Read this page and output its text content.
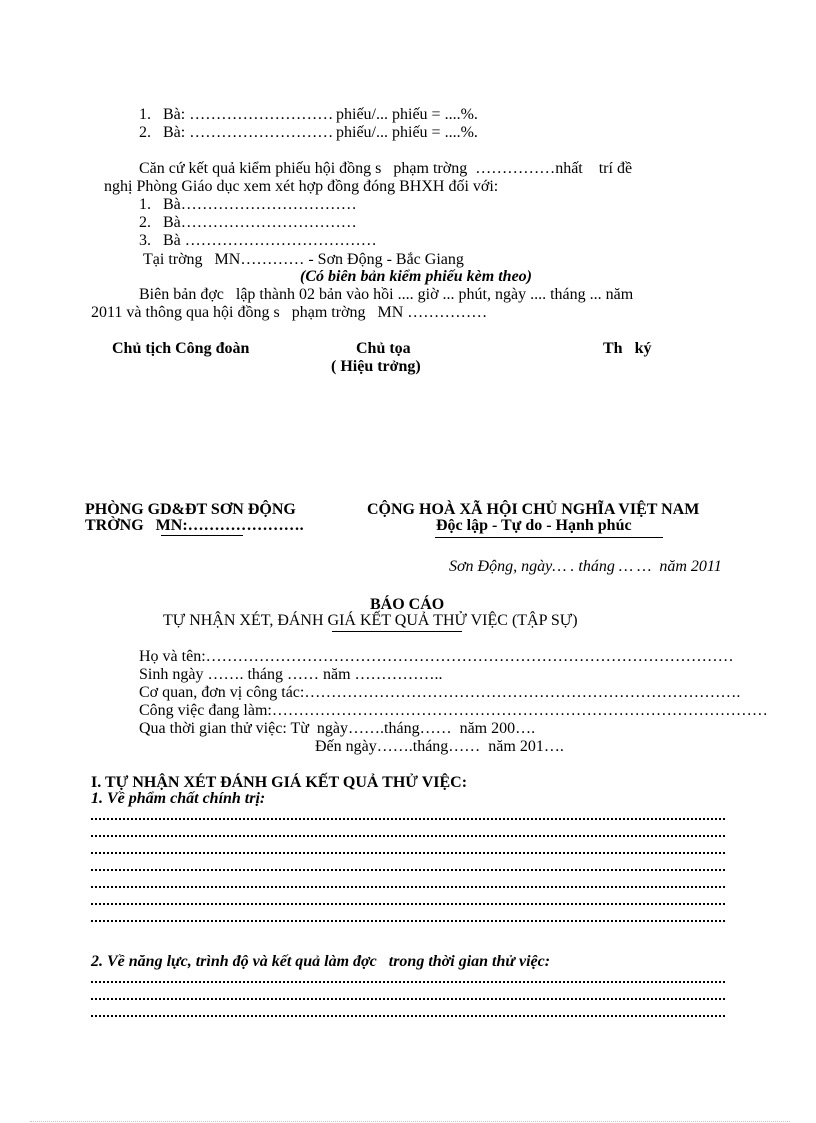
1. Bà: ……………………… phiếu/... phiếu = ....%.
2. Bà: ……………………… phiếu/... phiếu = ....%.
Căn cứ kết quả kiểm phiếu hội đồng s   phạm trờng  ……………nhất    trí đề
nghị Phòng Giáo dục xem xét hợp đồng đóng BHXH đối với:
1. Bà……………………………
2. Bà……………………………
3. Bà ………………………………
Tại trờng   MN………… - Sơn Động - Bắc Giang
(Có biên bản kiểm phiếu kèm theo)
Biên bản đợc   lập thành 02 bản vào hồi .... giờ ... phút, ngày .... tháng ... năm
2011 và thông qua hội đồng s   phạm trờng   MN ……………
Chủ tịch Công đoàn	Chủ tọa
( Hiệu trởng)
Th   ký
PHÒNG GD&ĐT SƠN ĐỘNG
TRỜNG   MN:………………….
CỘNG HOÀ XÃ HỘI CHỦ NGHĨA VIỆT NAM
Độc lập - Tự do - Hạnh phúc
Sơn Động, ngày… . tháng … …  năm 2011
BÁO CÁO
TỰ NHẬN XÉT, ĐÁNH GIÁ KẾT QUẢ THỬ VIỆC (TẬP SỰ)
Họ và tên:………………………………………………………………………………………
Sinh ngày ……. tháng …… năm ……………..
Cơ quan, đơn vị công tác:……………………………………………………………………….
Công việc đang làm:…………………………………………………………………………………
Qua thời gian thử việc: Từ  ngày…….tháng……  năm 200….
Đến ngày…….tháng……  năm 201….
I. TỰ NHẬN XÉT ĐÁNH GIÁ KẾT QUẢ THỬ VIỆC:
1. Về phẩm chất chính trị:
2. Về năng lực, trình độ và kết quả làm đợc   trong thời gian thử việc:
